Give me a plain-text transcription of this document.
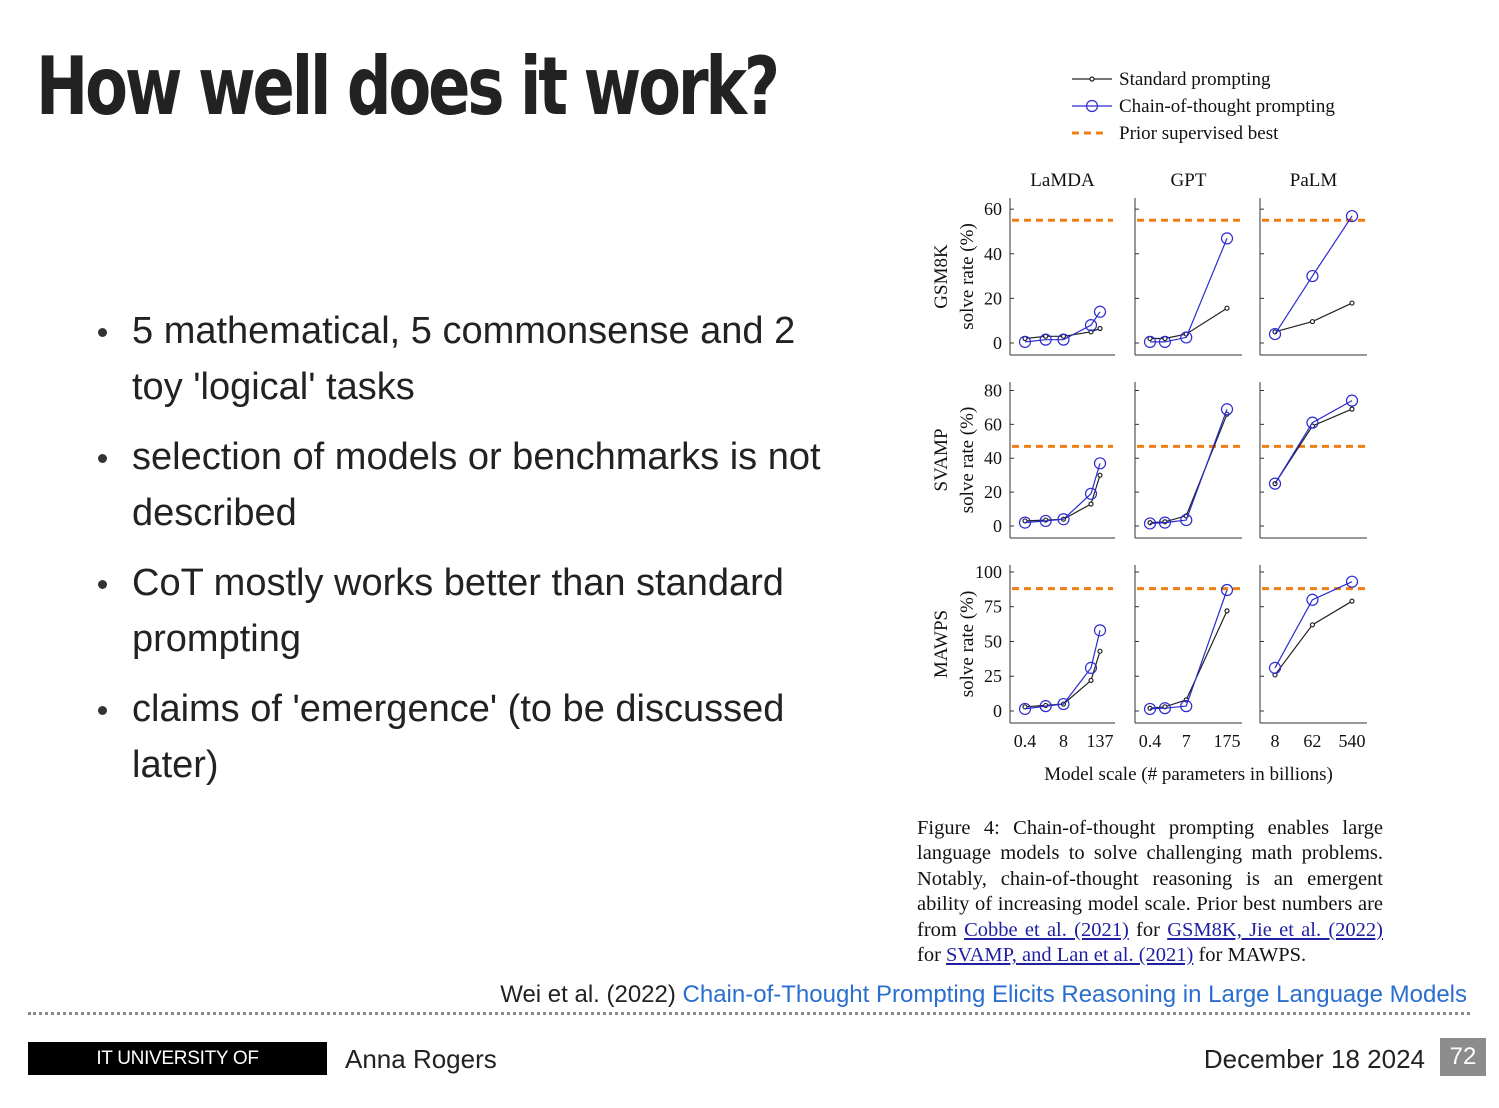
How well does it work?
5 mathematical, 5 commonsense and 2 toy 'logical' tasks
selection of models or benchmarks is not described
CoT mostly works better than standard prompting
claims of 'emergence' (to be discussed later)
Standard prompting
Chain-of-thought prompting
Prior supervised best
LaMDA	GPT	PaLM
GSM8K solve rate (%)
0
20
40
60
SVAMP solve rate (%)
0
20
40
60
80
MAWPS solve rate (%)
0
25
50
75
100
0.4 8 137 0.4 7 175 8 62 540
Model scale (# parameters in billions)

Figure 4: Chain-of-thought prompting enables large language models to solve challenging math problems. Notably, chain-of-thought reasoning is an emergent ability of increasing model scale. Prior best numbers are from Cobbe et al. (2021) for GSM8K, Jie et al. (2022) for SVAMP, and Lan et al. (2021) for MAWPS.

Wei et al. (2022) Chain-of-Thought Prompting Elicits Reasoning in Large Language Models
IT UNIVERSITY OF COPENHAGEN
Anna Rogers	December 18 2024	72
